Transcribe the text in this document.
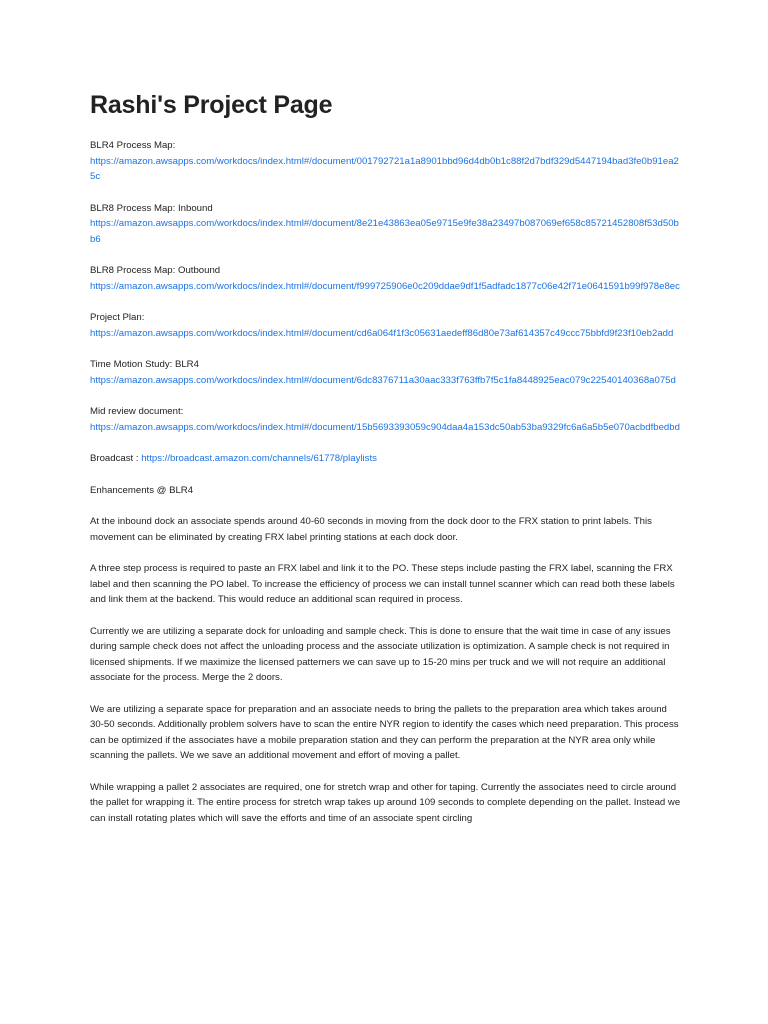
Rashi's Project Page
BLR4 Process Map:
https://amazon.awsapps.com/workdocs/index.html#/document/001792721a1a8901bbd96d4db0b1c88f2d7bdf329d5447194bad3fe0b91ea25c
BLR8 Process Map: Inbound
https://amazon.awsapps.com/workdocs/index.html#/document/8e21e43863ea05e9715e9fe38a23497b087069ef658c85721452808f53d50bb6
BLR8 Process Map: Outbound
https://amazon.awsapps.com/workdocs/index.html#/document/f999725906e0c209ddae9df1f5adfadc1877c06e42f71e0641591b99f978e8ec
Project Plan:
https://amazon.awsapps.com/workdocs/index.html#/document/cd6a064f1f3c05631aedeff86d80e73af614357c49ccc75bbfd9f23f10eb2add
Time Motion Study: BLR4
https://amazon.awsapps.com/workdocs/index.html#/document/6dc8376711a30aac333f763ffb7f5c1fa8448925eac079c22540140368a075d
Mid review document:
https://amazon.awsapps.com/workdocs/index.html#/document/15b5693393059c904daa4a153dc50ab53ba9329fc6a6a5b5e070acbdfbedbd

Broadcast : https://broadcast.amazon.com/channels/61778/playlists

Enhancements @ BLR4

At the inbound dock an associate spends around 40-60 seconds in moving from the dock door to the FRX station to print labels. This movement can be eliminated by creating FRX label printing stations at each dock door.

A three step process is required to paste an FRX label and link it to the PO. These steps include pasting the FRX label, scanning the FRX label and then scanning the PO label. To increase the efficiency of process we can install tunnel scanner which can read both these labels and link them at the backend. This would reduce an additional scan required in process.

Currently we are utilizing a separate dock for unloading and sample check. This is done to ensure that the wait time in case of any issues during sample check does not affect the unloading process and the associate utilization is optimization. A sample check is not required in licensed shipments. If we maximize the licensed patterners we can save up to 15-20 mins per truck and we will not require an additional associate for the process. Merge the 2 doors.

We are utilizing a separate space for preparation and an associate needs to bring the pallets to the preparation area which takes around 30-50 seconds. Additionally problem solvers have to scan the entire NYR region to identify the cases which need preparation. This process can be optimized if the associates have a mobile preparation station and they can perform the preparation at the NYR area only while scanning the pallets. We we save an additional movement and effort of moving a pallet.

While wrapping a pallet 2 associates are required, one for stretch wrap and other for taping. Currently the associates need to circle around the pallet for wrapping it. The entire process for stretch wrap takes up around 109 seconds to complete depending on the pallet. Instead we can install rotating plates which will save the efforts and time of an associate spent circling
